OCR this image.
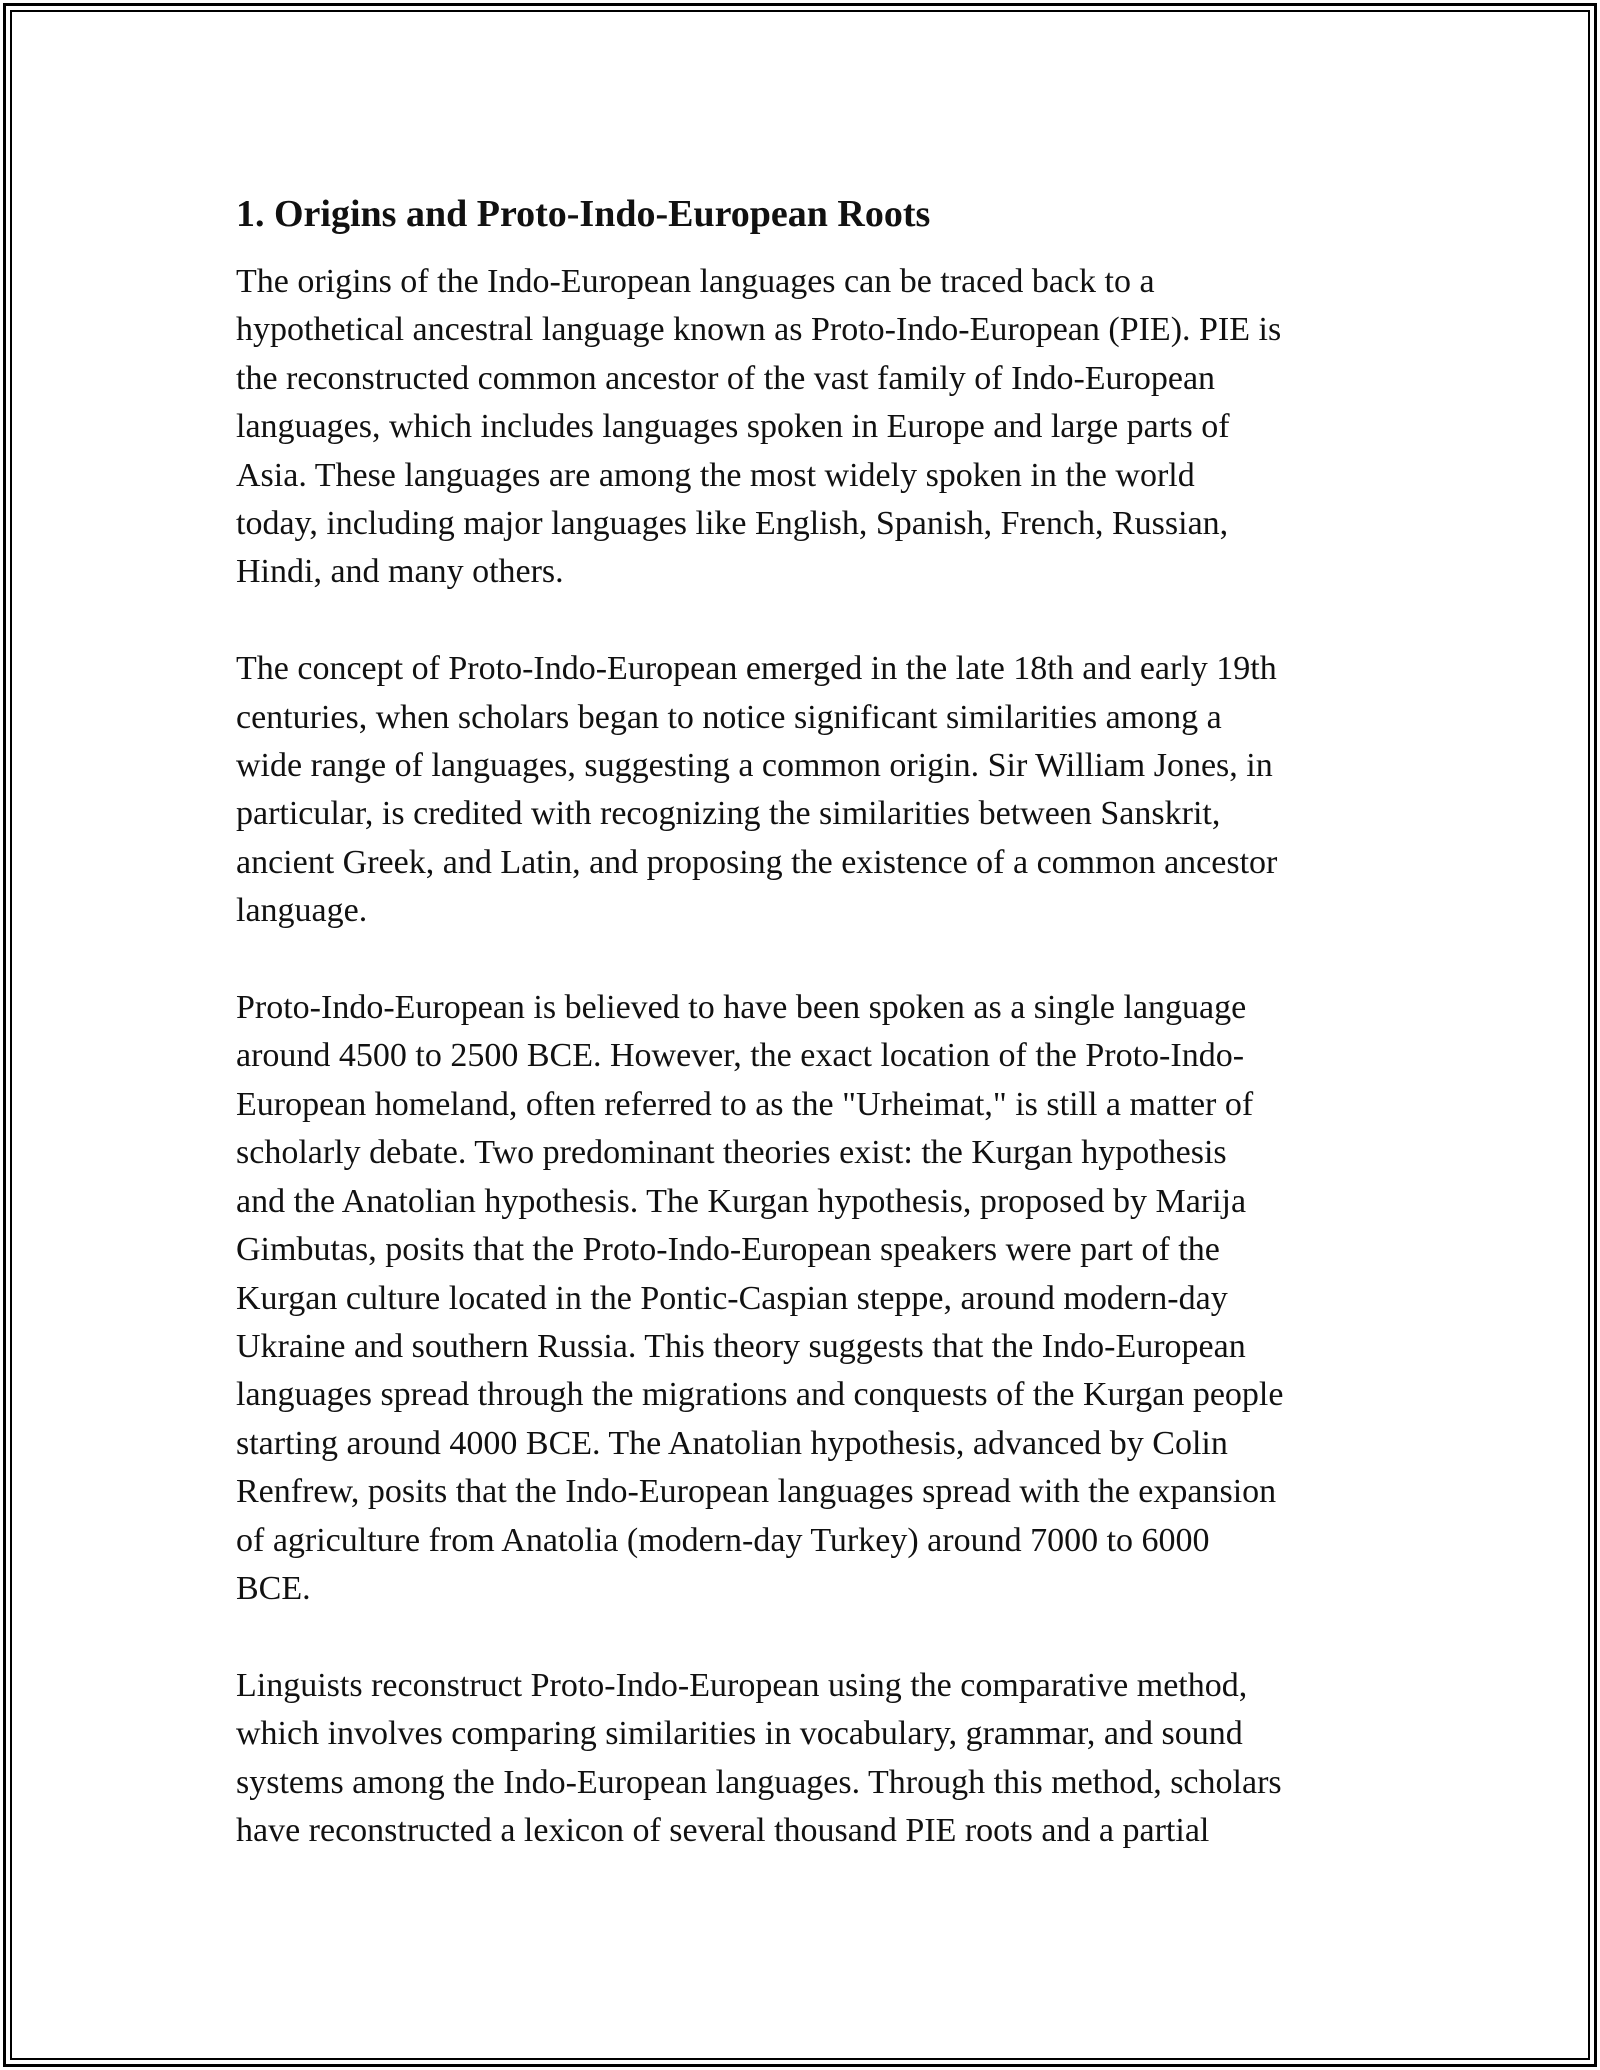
1. Origins and Proto-Indo-European Roots

The origins of the Indo-European languages can be traced back to a
hypothetical ancestral language known as Proto-Indo-European (PIE). PIE is
the reconstructed common ancestor of the vast family of Indo-European
languages, which includes languages spoken in Europe and large parts of
Asia. These languages are among the most widely spoken in the world
today, including major languages like English, Spanish, French, Russian,
Hindi, and many others.

The concept of Proto-Indo-European emerged in the late 18th and early 19th
centuries, when scholars began to notice significant similarities among a
wide range of languages, suggesting a common origin. Sir William Jones, in
particular, is credited with recognizing the similarities between Sanskrit,
ancient Greek, and Latin, and proposing the existence of a common ancestor
language.

Proto-Indo-European is believed to have been spoken as a single language
around 4500 to 2500 BCE. However, the exact location of the Proto-Indo-
European homeland, often referred to as the "Urheimat," is still a matter of
scholarly debate. Two predominant theories exist: the Kurgan hypothesis
and the Anatolian hypothesis. The Kurgan hypothesis, proposed by Marija
Gimbutas, posits that the Proto-Indo-European speakers were part of the
Kurgan culture located in the Pontic-Caspian steppe, around modern-day
Ukraine and southern Russia. This theory suggests that the Indo-European
languages spread through the migrations and conquests of the Kurgan people
starting around 4000 BCE. The Anatolian hypothesis, advanced by Colin
Renfrew, posits that the Indo-European languages spread with the expansion
of agriculture from Anatolia (modern-day Turkey) around 7000 to 6000
BCE.

Linguists reconstruct Proto-Indo-European using the comparative method,
which involves comparing similarities in vocabulary, grammar, and sound
systems among the Indo-European languages. Through this method, scholars
have reconstructed a lexicon of several thousand PIE roots and a partial
